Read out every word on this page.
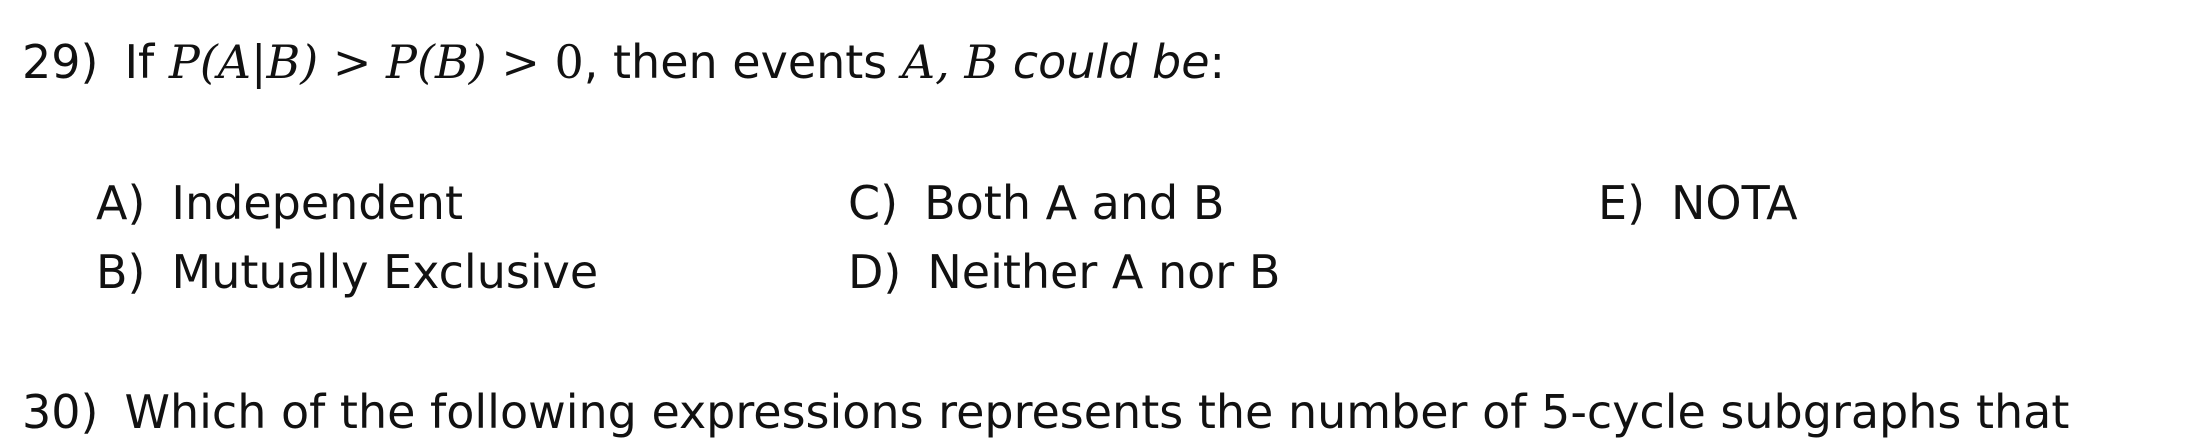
29) If P(A|B) > P(B) > 0, then events A, B could be:
A) Independent
B) Mutually Exclusive
C) Both A and B
D) Neither A nor B
E) NOTA
30) Which of the following expressions represents the number of 5-cycle subgraphs that
